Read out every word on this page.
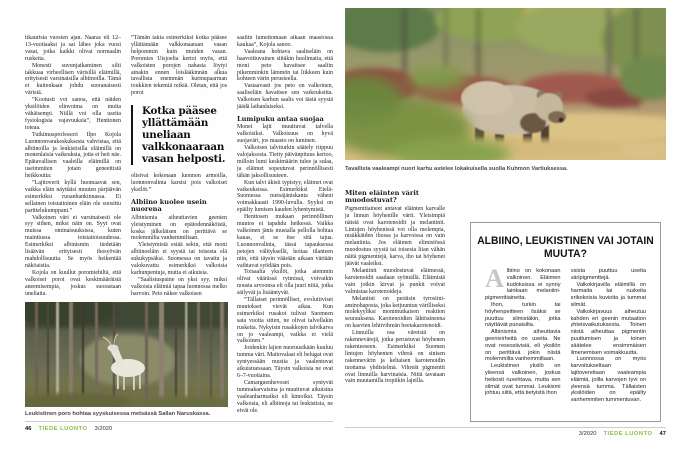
tikaurista vuosien ajan. Naaras eli 12–13-vuotiaaksi ja sai lähes joka vuosi vasat, jotka kaikki olivat normaalin ruskeita.

Monesti suvunjatkaminen silti takkuaa virheellisen värisillä eläimillä, erityisesti varsinaisilla albiinoilla. Tämä ei kuitenkaan johdu suoranaisesti väristä.

”Kootusti voi sanoa, että näiden yksilöiden elinvoima on muita vähäisempi. Niillä voi olla useita fysiologisia vajavuuksia”, Henttonen toteaa.

Tutkimusprofessori Ilpo Kojola Luonnonvarakeskuksesta vahvistaa, että albiinoilla ja leukistisilla eläimillä on monenlaisia vaikeuksia, joita ei heti näe. Epätavallisen vaaleilla eläimillä on useimmiten jotain geneettistä heikkoutta:

”Lajitoverit kyllä huomaavat sen, vaikka eläin näyttäisi muuten pärjäävän esimerkiksi ruoanhankinnassa. Ei sellainen toistaitoinen eläin ole suosittu parittelukumppani.”

Valkoinen väri ei varsinaisesti ole syy siihen, miksi näin on. Syyt ovat muissa ominaisuuksissa, kuten mainitussa toistaitoisuudessa. Esimerkiksi albinismin tiedetään lisäävän erityisesti ihosyövän mahdollisuutta. Se myös heikentää näköaistia.

Kojola on kuullut poromiehiltä, että valkoiset porot ovat keskimääräistä aneemisempia, joskus suorastaan uneliaita.

”Tämän takia esimerkiksi kotka pääsee yllättämään valkkonaaraan vasan helpommin kuin muiden vasan. Poromies Utsjoelta kertoi myös, että valkoisten porojen nahasta löytyi ainakin ennen loislääkinnän alkua tavallista enemmän kurmupaarman toukkien tekemiä reikiä. Oletan, että jos porot

Kotka pääsee yllättämään uneliaan valkkonaaraan vasan helposti.

olisivat kokonaan luonnon armoilla, luonnonvalinta karsisi pois valkoiset yksilöt.”

Albiino kuolee usein nuorena

Albinismia aiheuttavien geenien yleistyminen on epätodennäköistä, koska jälkeläisen on perittävä se molemmilta vanhemmiltaan.

Yleistymistä estää sekin, että moni albiinoeläin ei syystä tai toisesta elä sukukypsäksi. Suomessa on tavattu ja valokuvattu esimerkiksi valkoisia karhunpentuja, mutta ei aikuisia.

”Saalistuspaine on yksi syy, miksi valkoisia eläimiä tapaa luonnossa melko harvoin. Peto näkee valkoisen

saaliin lumettomaan aikaan maastossa kaukaa”, Kojola sanoo.

Vaaleana hohtava saaliseläin on haavoittuvainen siitäkin huolimatta, että moni peto havaitsee saaliin pikemminkin lämmön tai liikkeen kuin kohteen värin perusteella.

Vastaavasti jos peto on valkoinen, saaliseläin havaitsee sen vaikeuksitta. Valkoisen karhun saalis voi tästä syystä jäädä laihanlaiseksi.

Lumipuku antaa suojaa

Monet lajit muuttuvat talvella valkoisiksi. Valkoisuus on hyvä suojaväri, jos maasto on luminen.

Valkoisen talviturkin säätely riippuu valojaksosta. Tietty päivänpituus kertoo, milloin lumi keskimäärin tulee ja sulaa, ja eläimet sopeutuvat perinnöllisesti tähän jaksollisuuteen.

Kun talvi äkisti typistyy, eläimet ovat vaikeuksissa. Esimerkiksi Etelä-Suomessa metsäjäniskanta väheni voimakkaasti 1990-luvulla. Syyksi on epäilty lumisen kauden lyhentymistä.

Henttosen mukaan perinnöllinen muutos ei tapahdu hetkessä. Vaikka valkoinen jänis mustalla pellolla hohtaa kauas, ei se itse sitä tajua. Luonnonvalinta, tässä tapauksessa petojen välityksellä, hoitaa tilanteen niin, että täysin väärään aikaan väriään vaihtavat syödään pois.

Toisaalta yksilöt, jotka aiemmin olivat väärässä rytmissä, voivatkin nousta arvoonsa eli olla juuri niitä, jotka säilyvät ja lisääntyvät.

”Tällaiset perinnölliset, evolutiiviset muutokset vievät aikaa. Kun esimerkiksi rusakot tulivat Suomeen sata vuotta sitten, ne olivat talvellakin ruskeita. Nykyisin rusakkojen talvikarva on jo vaaleampi, vaikka ei vielä valkoinen.”

Joidenkin lajien nuoruusikään kuuluu tumma väri. Maitovalaat eli belugat ovat syntyessään mustia ja vaalentuvat aikuistuessaan. Täysin valkoisia ne ovat 6–7-vuotiaina.

Camarguenhevoset syntyvät tummakarvaisina ja muuttuvat aikuisina vaaleanharmaiksi eli kimoiksi. Täysin valkoisia, eli albiinoja tai leukistisia, ne eivät ole.

Leukistinen poro hohtaa syyskuisessa metsässä Sallan Naruskassa.
46 TIEDE LUONTO 3/2020
Tavallista vaaleampi nuori karhu astelee lokakuisella suolla Kuhmon Vartiuksessa.
Miten eläinten värit muodostuvat?

Pigmenttiaineet antavat eläinten karvalle ja linnun höyhenille värit. Yleisimpiä näistä ovat karotenoidit ja melaniinit. Lintujen höyhenissä voi olla molempia, nisäkkäiden ihossa ja karvoissa on vain melaniinia. Jos eläimen elimistössä muodostuu syystä tai toisesta liian vähän näitä pigmenttejä, karva, iho tai höyhenet jäävät vaaleiksi.

Melaniinit muodostuvat eläimessä, karotenoidit saadaan syömällä. Eläimistä vain jotkin kirvat ja punkit voivat valmistaa karotenoideja.

Melaniini on peräisin tyrosiini-aminohaposta, joka ketjuuntuu värilliseksi molekyyliksi monimutkaisen reaktion seurauksena. Karotenoidien lähtöaineena on kasvien lehtivihreän beetakarotenoidi.

Linnuilla osa väreistä on rakennevärejä, jotka perustuvat höyhenen rakenteeseen. Esimerkiksi Suomen lintujen höyhenten vihreä on sinisen rakennevärin ja keltaisen karotenoidin tuottama yhdistelmä. Vihreät pigmentit ovat linnuilla harvinaisia. Niitä tavataan vain muutamilla tropiikin lajeilla.

ALBIINO, LEUKISTINEN VAI JOTAIN MUUTA?

Albiino on kokonaan valkoinen. Eläimen kudoksissa ei synny lainkaan melaniini-pigmenttiainetta.

Ihon, turkin tai höyhenpeitteen lisäksi se puuttuu silmistäkin, jotka näyttävät punaisilta.

Albinismia aiheuttavia geenivirheitä on useita. Ne ovat resessiivisiä, eli yksilön on perittävä jokin niistä molemmilta vanhemmiltaan.

Leukistinen yksilö on yleensä valkoinen, joskus heikosti rusehtava, mutta sen silmät ovat tummat. Leukismi johtuu siitä, että tietyistä ihon

osista puuttuu useita väripigmenttejä.

Valkokirjavilla eläimillä on harmaita tai ruskeita erikokoisia kuvioita ja tummat silmät.

Valkokirjavuus aiheutuu kahden eri geenin mutaation yhteisvaikutuksesta. Toinen niistä aiheuttaa pigmentin puuttumisen ja toinen säätelee ensimmäisen ilmenemisen voimakkuutta.

Luonnossa on myös karvoitukseltaan lajitovereitaan vaaleampia eläimiä, joilla karvojen tyvi on yleensä tumma. Tällaisten yksilöiden on epäilty vanhemmiten tummentuvan.

3/2020 TIEDE LUONTO 47
